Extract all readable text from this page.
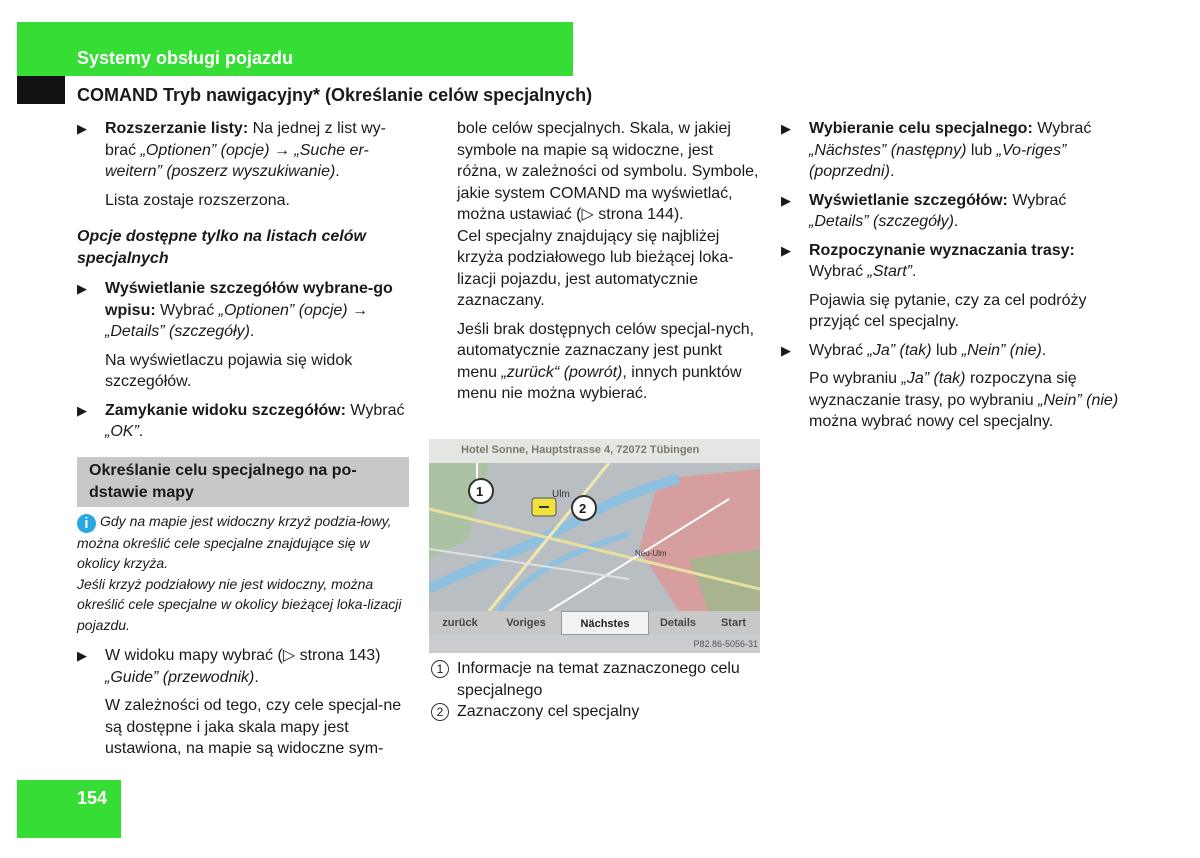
Systemy obsługi pojazdu
COMAND Tryb nawigacyjny* (Określanie celów specjalnych)

▶ Rozszerzanie listy: Na jednej z list wy-brać „Optionen” (opcje) → „Suche er-weitern” (poszerz wyszukiwanie).

Lista zostaje rozszerzona.

Opcje dostępne tylko na listach celów specjalnych

▶ Wyświetlanie szczegółów wybrane-go wpisu: Wybrać „Optionen” (opcje) → „Details” (szczegóły).

Na wyświetlaczu pojawia się widok szczegółów.

▶ Zamykanie widoku szczegółów: Wybrać „OK”.

Określanie celu specjalnego na po-dstawie mapy

i Gdy na mapie jest widoczny krzyż podzia-łowy, można określić cele specjalne znajdujące się w okolicy krzyża.

Jeśli krzyż podziałowy nie jest widoczny, można określić cele specjalne w okolicy bieżącej loka-lizacji pojazdu.

▶ W widoku mapy wybrać (▷ strona 143) „Guide” (przewodnik).

W zależności od tego, czy cele specjal-ne są dostępne i jaka skala mapy jest ustawiona, na mapie są widoczne sym-

bole celów specjalnych. Skala, w jakiej symbole na mapie są widoczne, jest różna, w zależności od symbolu. Symbole, jakie system COMAND ma wyświetlać, można ustawiać (▷ strona 144).

Cel specjalny znajdujący się najbliżej krzyża podziałowego lub bieżącej loka-lizacji pojazdu, jest automatycznie zaznaczany.

Jeśli brak dostępnych celów specjal-nych, automatycznie zaznaczany jest punkt menu „zurück“ (powrót), innych punktów menu nie można wybierać.

Hotel Sonne, Hauptstrasse 4, 72072 Tübingen
1
2
Ulm
Neu-Ulm
zurück	Voriges	Nächstes	Details	Start
P82.86-5056-31

1 Informacje na temat zaznaczonego celu specjalnego

2 Zaznaczony cel specjalny

▶ Wybieranie celu specjalnego: Wybrać „Nächstes” (następny) lub „Vo-riges” (poprzedni).

▶ Wyświetlanie szczegółów: Wybrać „Details” (szczegóły).

▶ Rozpoczynanie wyznaczania trasy: Wybrać „Start”.

Pojawia się pytanie, czy za cel podróży przyjąć cel specjalny.

▶ Wybrać „Ja” (tak) lub „Nein” (nie).

Po wybraniu „Ja” (tak) rozpoczyna się wyznaczanie trasy, po wybraniu „Nein” (nie) można wybrać nowy cel specjalny.

154
